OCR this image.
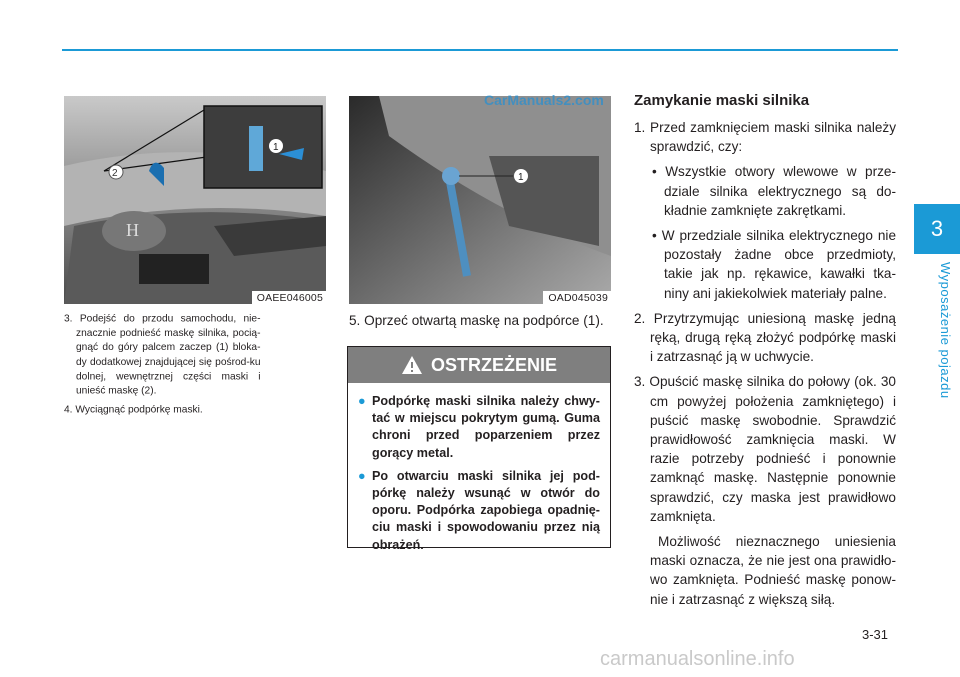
3
Wyposażenie pojazdu
H
2
1
OAEE046005
1
OAD045039
3. Podejść do przodu samochodu, nie-znacznie podnieść maskę silnika, pocią-gnąć do góry palcem zaczep (1) bloka-dy dodatkowej znajdującej się pośrod-ku dolnej, wewnętrznej części maski i unieść maskę (2).
4. Wyciągnąć podpórkę maski.
5. Oprzeć otwartą maskę na podpórce (1).
OSTRZEŻENIE
● Podpórkę maski silnika należy chwy-tać w miejscu pokrytym gumą. Guma chroni przed poparzeniem przez gorący metal.
● Po otwarciu maski silnika jej pod-pórkę należy wsunąć w otwór do oporu. Podpórka zapobiega opadnię-ciu maski i spowodowaniu przez nią obrażeń.
Zamykanie maski silnika
1. Przed zamknięciem maski silnika należy sprawdzić, czy:
• Wszystkie otwory wlewowe w prze-dziale silnika elektrycznego są do-kładnie zamknięte zakrętkami.
• W przedziale silnika elektrycznego nie pozostały żadne obce przedmioty, takie jak np. rękawice, kawałki tka-niny ani jakiekolwiek materiały palne.
2. Przytrzymując uniesioną maskę jedną ręką, drugą ręką złożyć podpórkę maski i zatrzasnąć ją w uchwycie.
3. Opuścić maskę silnika do połowy (ok. 30 cm powyżej położenia zamkniętego) i puścić maskę swobodnie. Sprawdzić prawidłowość zamknięcia maski. W razie potrzeby podnieść i ponownie zamknąć maskę. Następnie ponownie sprawdzić, czy maska jest prawidłowo zamknięta.
Możliwość nieznacznego uniesienia maski oznacza, że nie jest ona prawidło-wo zamknięta. Podnieść maskę ponow-nie i zatrzasnąć z większą siłą.
3-31
CarManuals2.com
carmanualsonline.info
